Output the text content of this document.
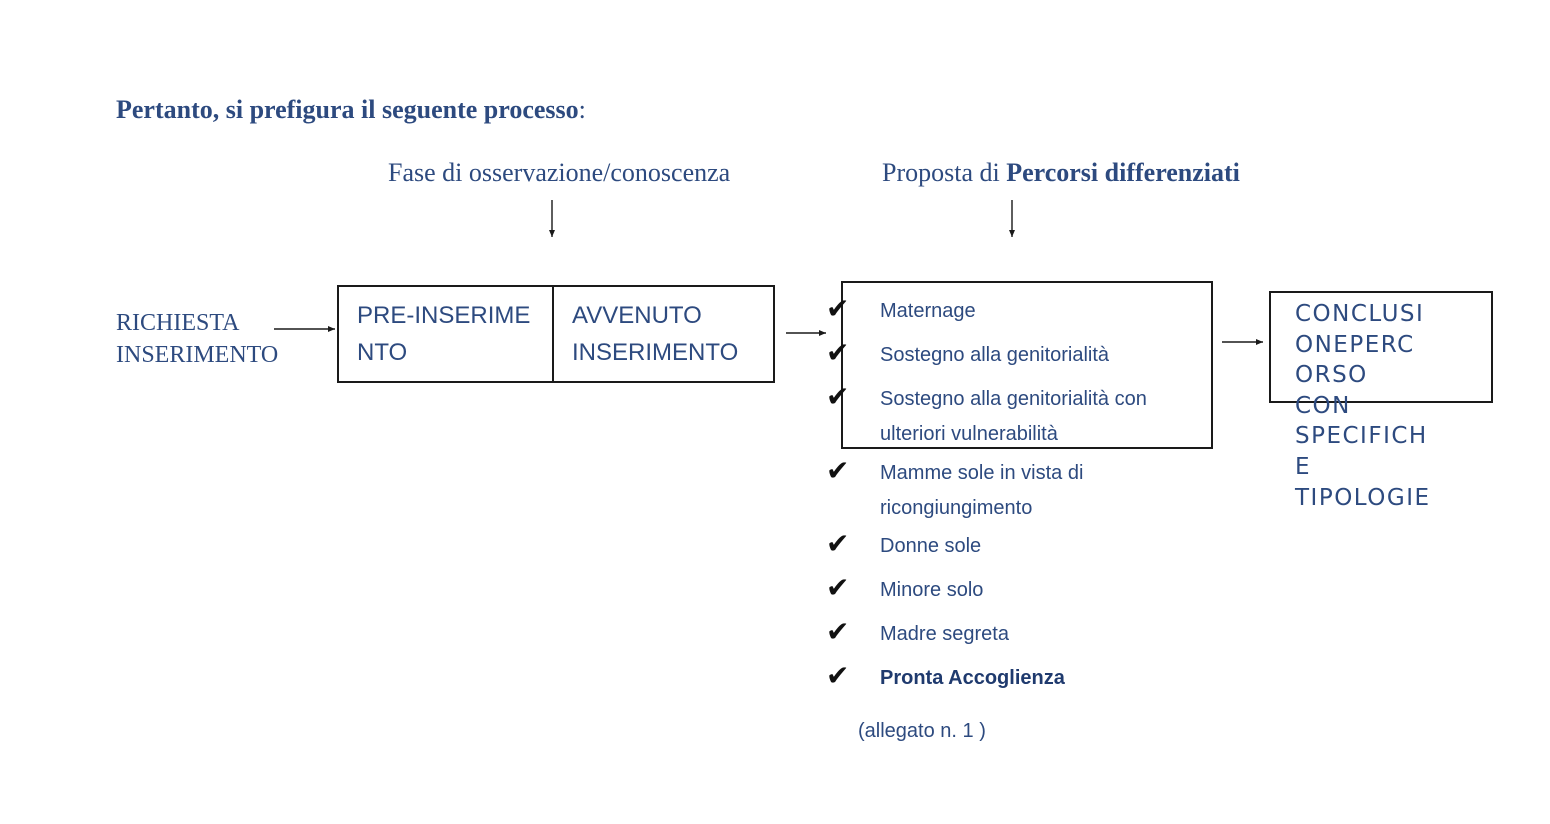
Pertanto, si prefigura il seguente processo:
Fase di osservazione/conoscenza	Proposta di Percorsi differenziati
RICHIESTA
INSERIMENTO
PRE-INSERIME
NTO
AVVENUTO
INSERIMENTO
✔ Maternage
✔ Sostegno alla genitorialità
✔ Sostegno alla genitorialità con
ulteriori vulnerabilità
✔ Mamme sole in vista di
ricongiungimento
✔ Donne sole
✔ Minore solo
✔ Madre segreta
✔ Pronta Accoglienza
CONCLUSI
ONEPERC
ORSO
CON
SPECIFICH
E
TIPOLOGIE
(allegato n. 1 )
